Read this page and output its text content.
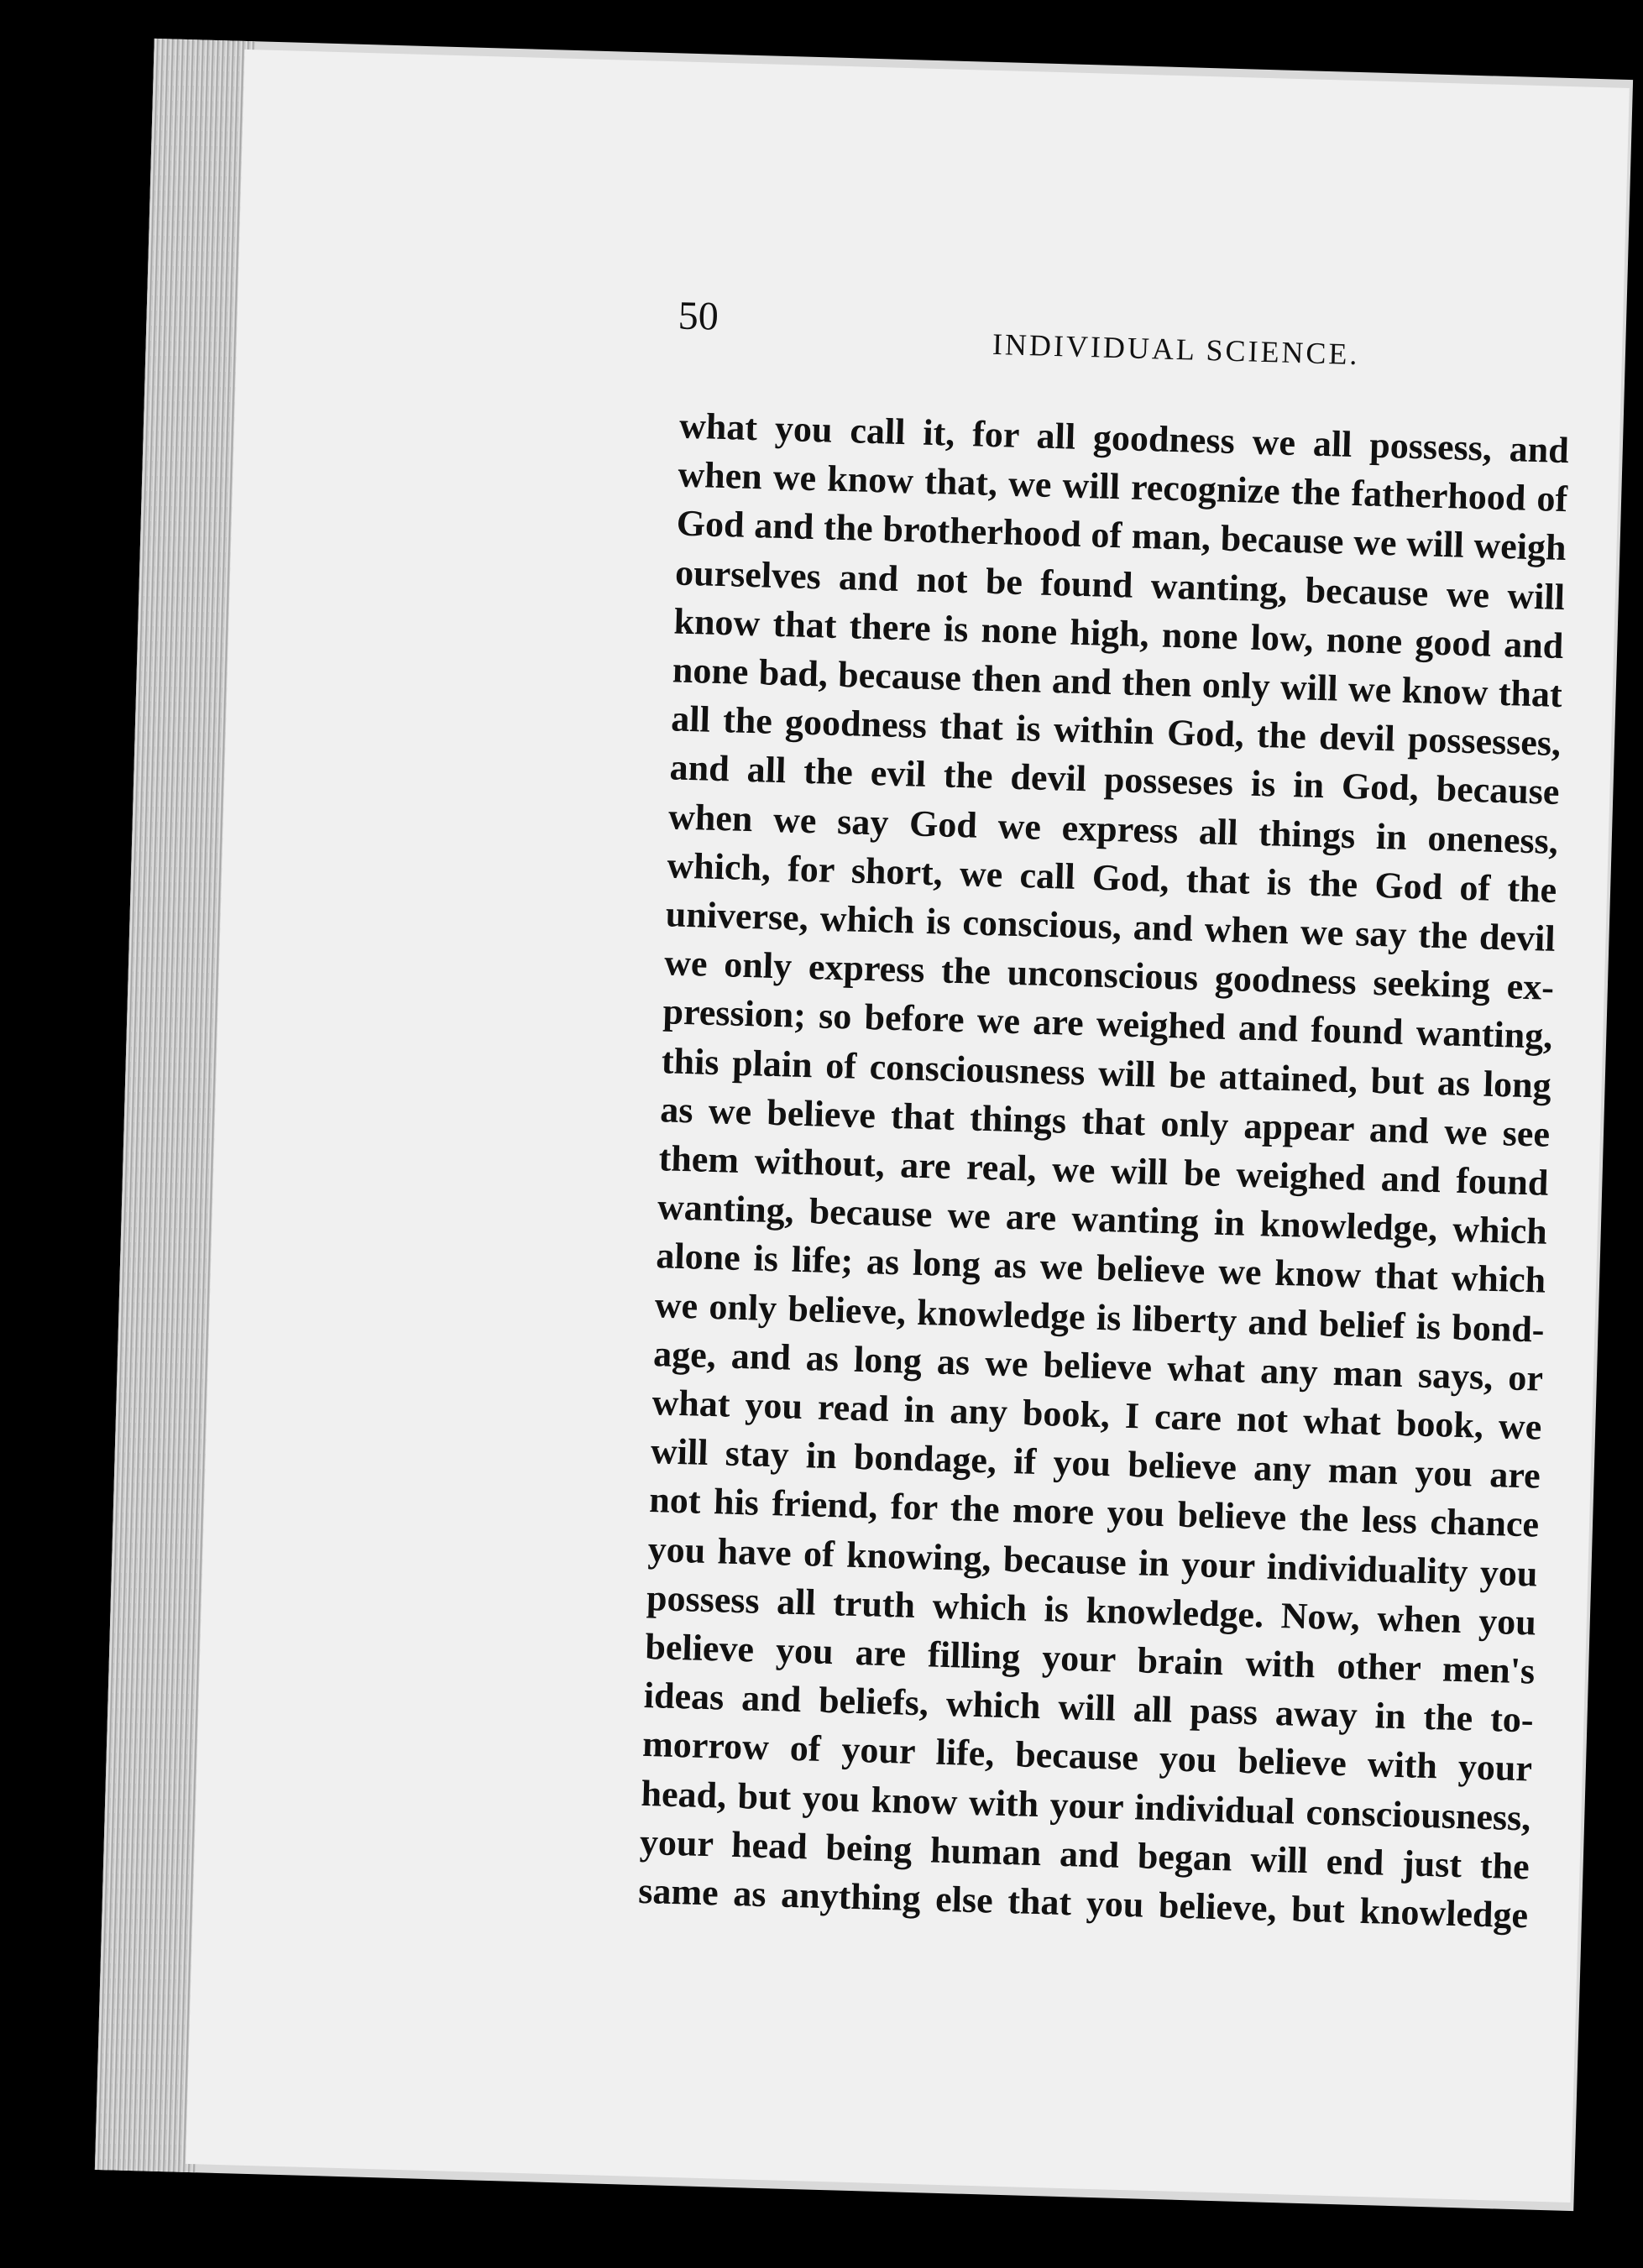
50
INDIVIDUAL SCIENCE.
what you call it, for all goodness we all possess, and
when we know that, we will recognize the fatherhood of
God and the brotherhood of man, because we will weigh
ourselves and not be found wanting, because we will
know that there is none high, none low, none good and
none bad, because then and then only will we know that
all the goodness that is within God, the devil possesses,
and all the evil the devil posseses is in God, because
when we say God we express all things in oneness,
which, for short, we call God, that is the God of the
universe, which is conscious, and when we say the devil
we only express the unconscious goodness seeking ex-
pression; so before we are weighed and found wanting,
this plain of consciousness will be attained, but as long
as we believe that things that only appear and we see
them without, are real, we will be weighed and found
wanting, because we are wanting in knowledge, which
alone is life; as long as we believe we know that which
we only believe, knowledge is liberty and belief is bond-
age, and as long as we believe what any man says, or
what you read in any book, I care not what book, we
will stay in bondage, if you believe any man you are
not his friend, for the more you believe the less chance
you have of knowing, because in your individuality you
possess all truth which is knowledge. Now, when you
believe you are filling your brain with other men's
ideas and beliefs, which will all pass away in the to-
morrow of your life, because you believe with your
head, but you know with your individual consciousness,
your head being human and began will end just the
same as anything else that you believe, but knowledge
